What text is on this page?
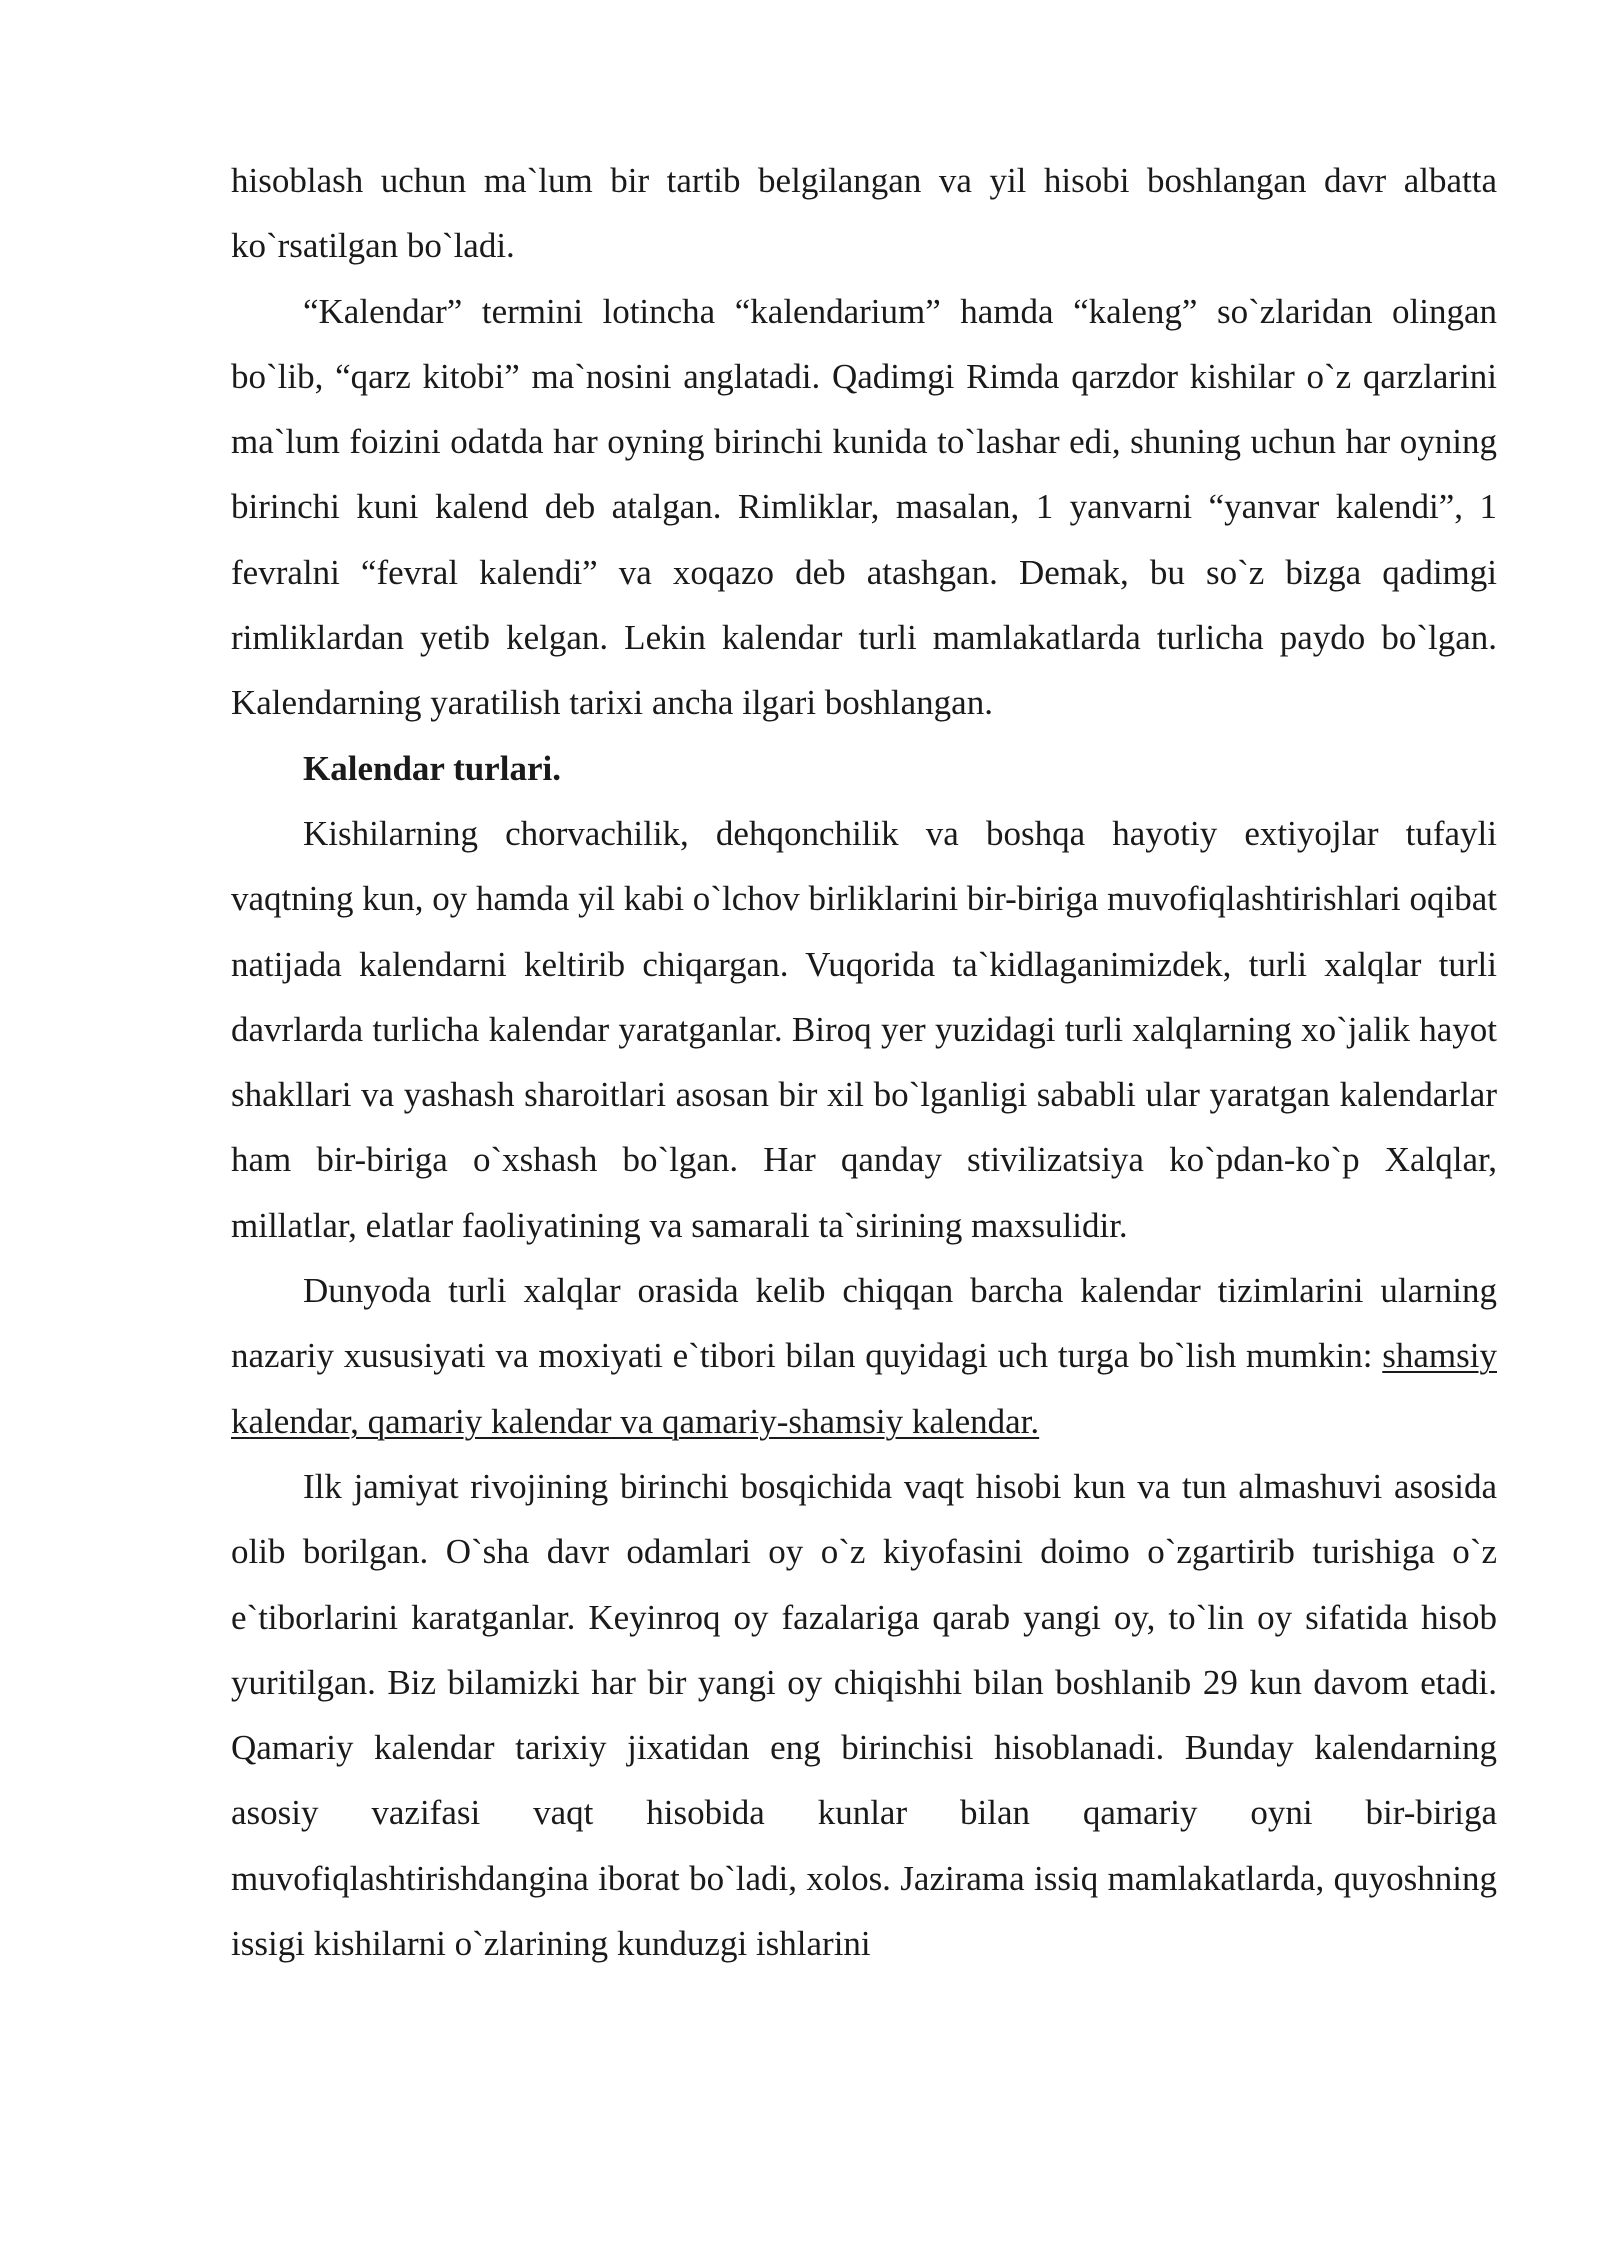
hisoblash uchun ma`lum bir tartib belgilangan va yil hisobi boshlangan davr albatta ko`rsatilgan bo`ladi.

“Kalendar” termini lotincha “kalendarium” hamda “kaleng” so`zlaridan olingan bo`lib, “qarz kitobi” ma`nosini anglatadi. Qadimgi Rimda qarzdor kishilar o`z qarzlarini ma`lum foizini odatda har oyning birinchi kunida to`lashar edi, shuning uchun har oyning birinchi kuni kalend deb atalgan. Rimliklar, masalan, 1 yanvarni “yanvar kalendi”, 1 fevralni “fevral kalendi” va xoqazo deb atashgan. Demak, bu so`z bizga qadimgi rimliklardan yetib kelgan. Lekin kalendar turli mamlakatlarda turlicha paydo bo`lgan. Kalendarning yaratilish tarixi ancha ilgari boshlangan.

Kalendar turlari.

Kishilarning chorvachilik, dehqonchilik va boshqa hayotiy extiyojlar tufayli vaqtning kun, oy hamda yil kabi o`lchov birliklarini bir-biriga muvofiqlashtirishlari oqibat natijada kalendarni keltirib chiqargan. Vuqorida ta`kidlaganimizdek, turli xalqlar turli davrlarda turlicha kalendar yaratganlar. Biroq yer yuzidagi turli xalqlarning xo`jalik hayot shakllari va yashash sharoitlari asosan bir xil bo`lganligi sababli ular yaratgan kalendarlar ham bir-biriga o`xshash bo`lgan. Har qanday stivilizatsiya ko`pdan-ko`p Xalqlar, millatlar, elatlar faoliyatining va samarali ta`sirining maxsulidir.

Dunyoda turli xalqlar orasida kelib chiqqan barcha kalendar tizimlarini ularning nazariy xususiyati va moxiyati e`tibori bilan quyidagi uch turga bo`lish mumkin: shamsiy kalendar, qamariy kalendar va qamariy-shamsiy kalendar.

Ilk jamiyat rivojining birinchi bosqichida vaqt hisobi kun va tun almashuvi asosida olib borilgan. O`sha davr odamlari oy o`z kiyofasini doimo o`zgartirib turishiga o`z e`tiborlarini karatganlar. Keyinroq oy fazalariga qarab yangi oy, to`lin oy sifatida hisob yuritilgan. Biz bilamizki har bir yangi oy chiqishhi bilan boshlanib 29 kun davom etadi. Qamariy kalendar tarixiy jixatidan eng birinchisi hisoblanadi. Bunday kalendarning asosiy vazifasi vaqt hisobida kunlar bilan qamariy oyni bir-biriga muvofiqlashtirishdangina iborat bo`ladi, xolos. Jazirama issiq mamlakatlarda, quyoshning issigi kishilarni o`zlarining kunduzgi ishlarini
